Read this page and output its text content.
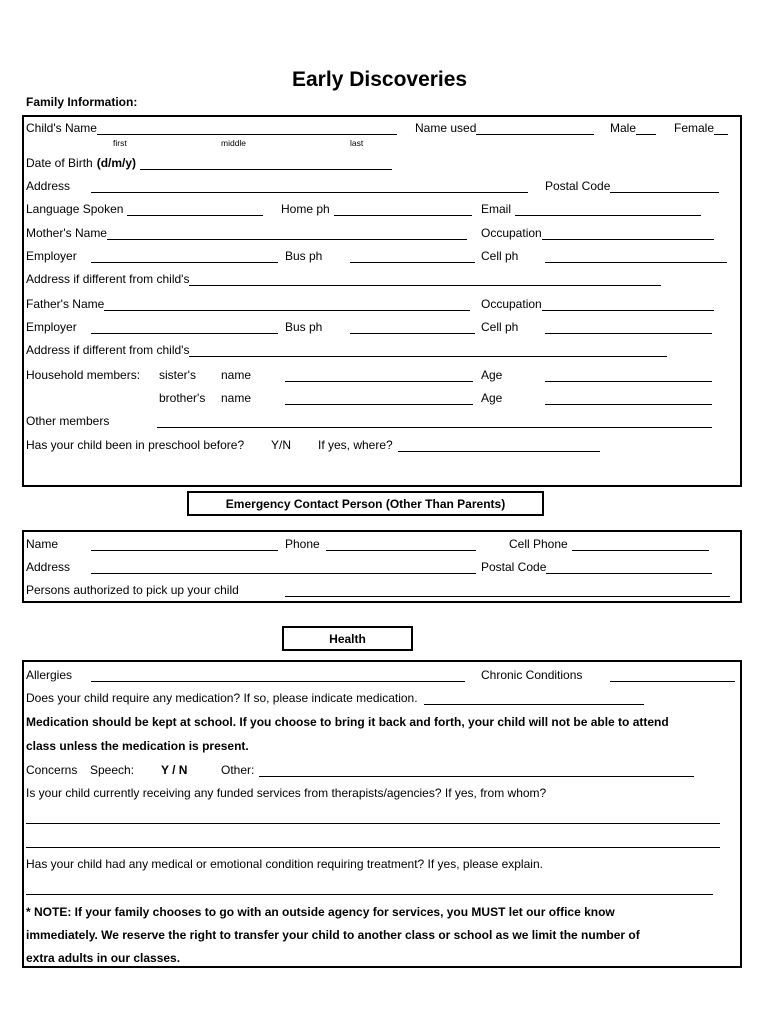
Early Discoveries
Family Information:
Child's Name
first	middle	last
Name used	Male	Female
Date of Birth (d/m/y)
Address	Postal Code
Language Spoken	Home ph	Email
Mother's Name	Occupation
Employer	Bus ph	Cell ph
Address if different from child's
Father's Name	Occupation
Employer	Bus ph	Cell ph
Address if different from child's
Household members: sister's name	Age
brother's name	Age
Other members
Has your child been in preschool before? Y/N If yes, where?
Emergency Contact Person (Other Than Parents)
Name	Phone	Cell Phone
Address	Postal Code
Persons authorized to pick up your child
Health
Allergies	Chronic Conditions
Does your child require any medication? If so, please indicate medication.
Medication should be kept at school. If you choose to bring it back and forth, your child will not be able to attend
class unless the medication is present.
Concerns Speech: Y / N	Other:
Is your child currently receiving any funded services from therapists/agencies? If yes, from whom?
Has your child had any medical or emotional condition requiring treatment? If yes, please explain.
* NOTE: If your family chooses to go with an outside agency for services, you MUST let our office know
immediately. We reserve the right to transfer your child to another class or school as we limit the number of
extra adults in our classes.
